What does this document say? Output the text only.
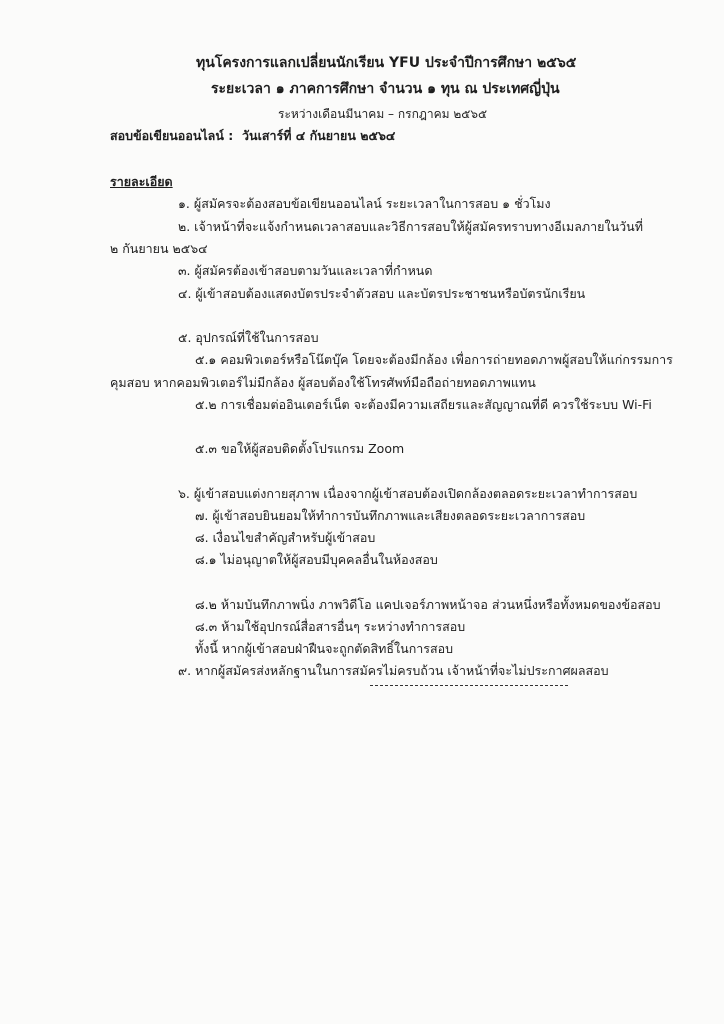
ทุนโครงการแลกเปลี่ยนนักเรียน YFU ประจำปีการศึกษา ๒๕๖๕
ระยะเวลา ๑ ภาคการศึกษา จำนวน ๑ ทุน ณ ประเทศญี่ปุ่น
ระหว่างเดือนมีนาคม – กรกฎาคม ๒๕๖๕
สอบข้อเขียนออนไลน์ : วันเสาร์ที่ ๔ กันยายน ๒๕๖๔
รายละเอียด
๑. ผู้สมัครจะต้องสอบข้อเขียนออนไลน์ ระยะเวลาในการสอบ ๑ ชั่วโมง
๒. เจ้าหน้าที่จะแจ้งกำหนดเวลาสอบและวิธีการสอบให้ผู้สมัครทราบทางอีเมลภายในวันที่
๒ กันยายน ๒๕๖๔
๓. ผู้สมัครต้องเข้าสอบตามวันและเวลาที่กำหนด
๔. ผู้เข้าสอบต้องแสดงบัตรประจำตัวสอบ และบัตรประชาชนหรือบัตรนักเรียน
๕. อุปกรณ์ที่ใช้ในการสอบ
๕.๑ คอมพิวเตอร์หรือโน๊ตบุ๊ค โดยจะต้องมีกล้อง เพื่อการถ่ายทอดภาพผู้สอบให้แก่กรรมการ
คุมสอบ หากคอมพิวเตอร์ไม่มีกล้อง ผู้สอบต้องใช้โทรศัพท์มือถือถ่ายทอดภาพแทน
๕.๒ การเชื่อมต่ออินเตอร์เน็ต จะต้องมีความเสถียรและสัญญาณที่ดี ควรใช้ระบบ Wi-Fi
๕.๓ ขอให้ผู้สอบติดตั้งโปรแกรม Zoom
๖. ผู้เข้าสอบแต่งกายสุภาพ เนื่องจากผู้เข้าสอบต้องเปิดกล้องตลอดระยะเวลาทำการสอบ
๗. ผู้เข้าสอบยินยอมให้ทำการบันทึกภาพและเสียงตลอดระยะเวลาการสอบ
๘. เงื่อนไขสำคัญสำหรับผู้เข้าสอบ
๘.๑ ไม่อนุญาตให้ผู้สอบมีบุคคลอื่นในห้องสอบ
๘.๒ ห้ามบันทึกภาพนิ่ง ภาพวิดีโอ แคปเจอร์ภาพหน้าจอ ส่วนหนึ่งหรือทั้งหมดของข้อสอบ
๘.๓ ห้ามใช้อุปกรณ์สื่อสารอื่นๆ ระหว่างทำการสอบ
ทั้งนี้ หากผู้เข้าสอบฝ่าฝืนจะถูกตัดสิทธิ์ในการสอบ
๙. หากผู้สมัครส่งหลักฐานในการสมัครไม่ครบถ้วน เจ้าหน้าที่จะไม่ประกาศผลสอบ
